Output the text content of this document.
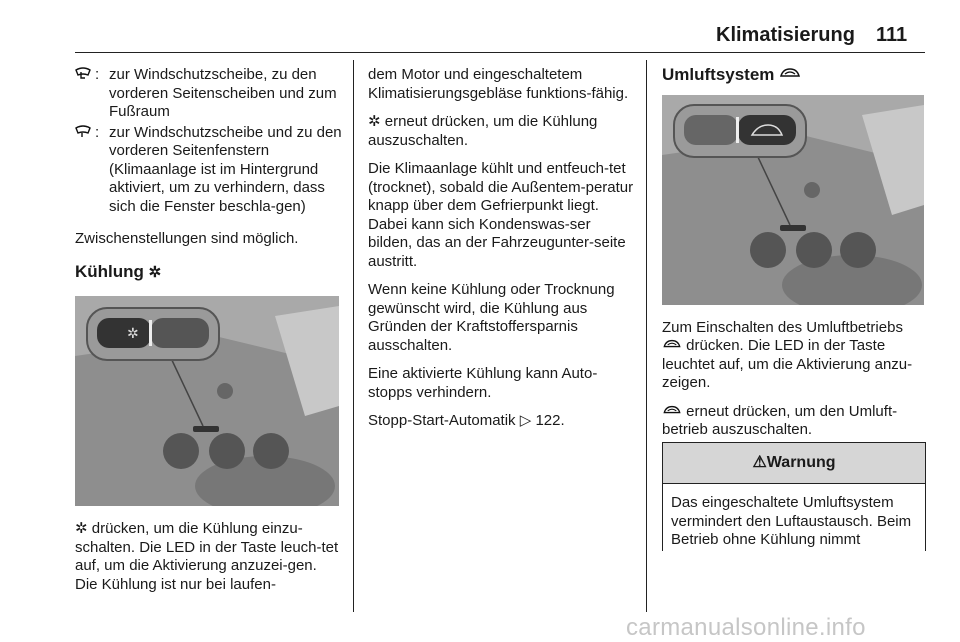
Klimatisierung 111
: zur Windschutzscheibe, zu den vorderen Seitenscheiben und zum Fußraum
: zur Windschutzscheibe und zu den vorderen Seitenfenstern (Klimaanlage ist im Hintergrund aktiviert, um zu verhindern, dass sich die Fenster beschla-gen)

Zwischenstellungen sind möglich.

Kühlung ✲
✲

✲ drücken, um die Kühlung einzu-schalten. Die LED in der Taste leuch-tet auf, um die Aktivierung anzuzei-gen. Die Kühlung ist nur bei laufen-

dem Motor und eingeschaltetem Klimatisierungsgebläse funktions-fähig.

✲ erneut drücken, um die Kühlung auszuschalten.

Die Klimaanlage kühlt und entfeuch-tet (trocknet), sobald die Außentem-peratur knapp über dem Gefrierpunkt liegt. Dabei kann sich Kondenswas-ser bilden, das an der Fahrzeugunter-seite austritt.

Wenn keine Kühlung oder Trocknung gewünscht wird, die Kühlung aus Gründen der Kraftstoffersparnis ausschalten.

Eine aktivierte Kühlung kann Auto-stopps verhindern.

Stopp-Start-Automatik ▷ 122.

Umluftsystem

Zum Einschalten des Umluftbetriebs

drücken. Die LED in der Taste leuchtet auf, um die Aktivierung anzu-zeigen.

erneut drücken, um den Umluft-betrieb auszuschalten.

⚠Warnung
Das eingeschaltete Umluftsystem vermindert den Luftaustausch. Beim Betrieb ohne Kühlung nimmt
carmanualsonline.info
